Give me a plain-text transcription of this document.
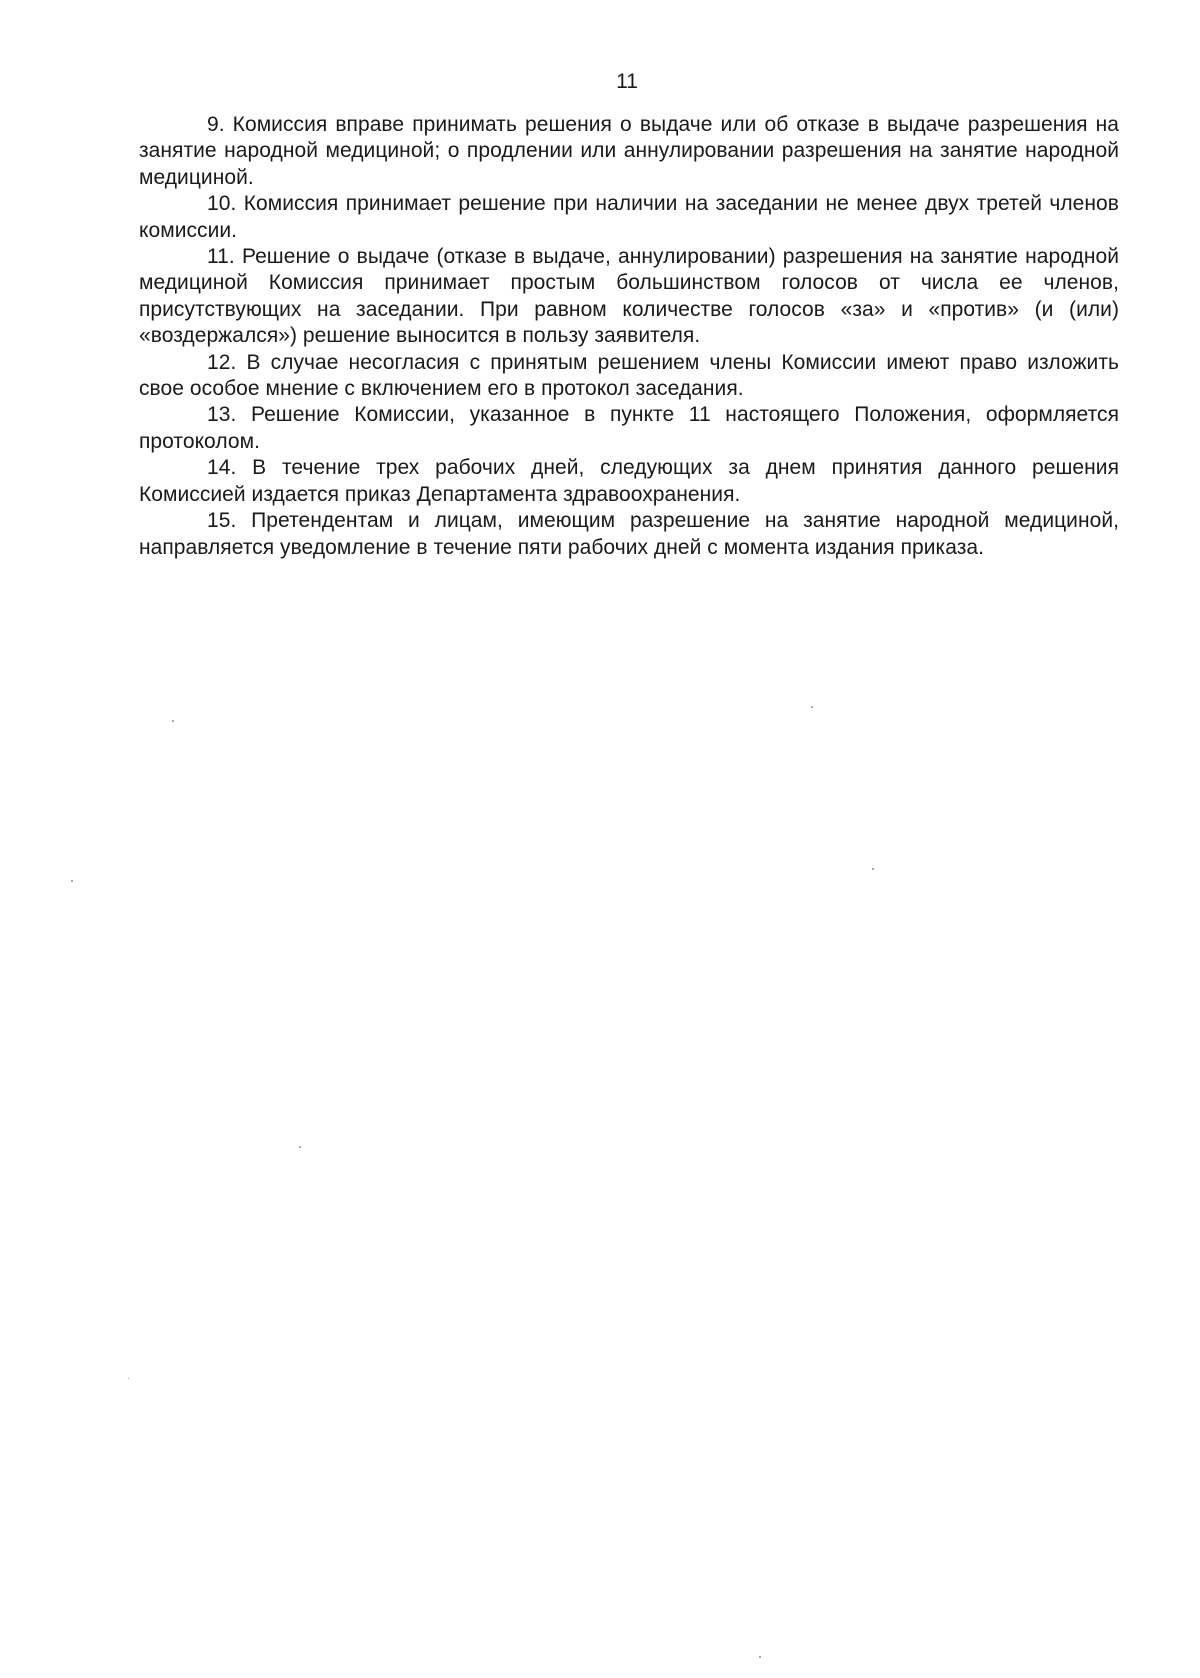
11

9. Комиссия вправе принимать решения о выдаче или об отказе в выдаче разрешения на занятие народной медициной; о продлении или аннулировании разрешения на занятие народной медициной.

10. Комиссия принимает решение при наличии на заседании не менее двух третей членов комиссии.

11. Решение о выдаче (отказе в выдаче, аннулировании) разрешения на занятие народной медициной Комиссия принимает простым большинством голосов от числа ее членов, присутствующих на заседании. При равном количестве голосов «за» и «против» (и (или) «воздержался») решение выносится в пользу заявителя.

12. В случае несогласия с принятым решением члены Комиссии имеют право изложить свое особое мнение с включением его в протокол заседания.

13. Решение Комиссии, указанное в пункте 11 настоящего Положения, оформляется протоколом.

14. В течение трех рабочих дней, следующих за днем принятия данного решения Комиссией издается приказ Департамента здравоохранения.

15. Претендентам и лицам, имеющим разрешение на занятие народной медициной, направляется уведомление в течение пяти рабочих дней с момента издания приказа.
